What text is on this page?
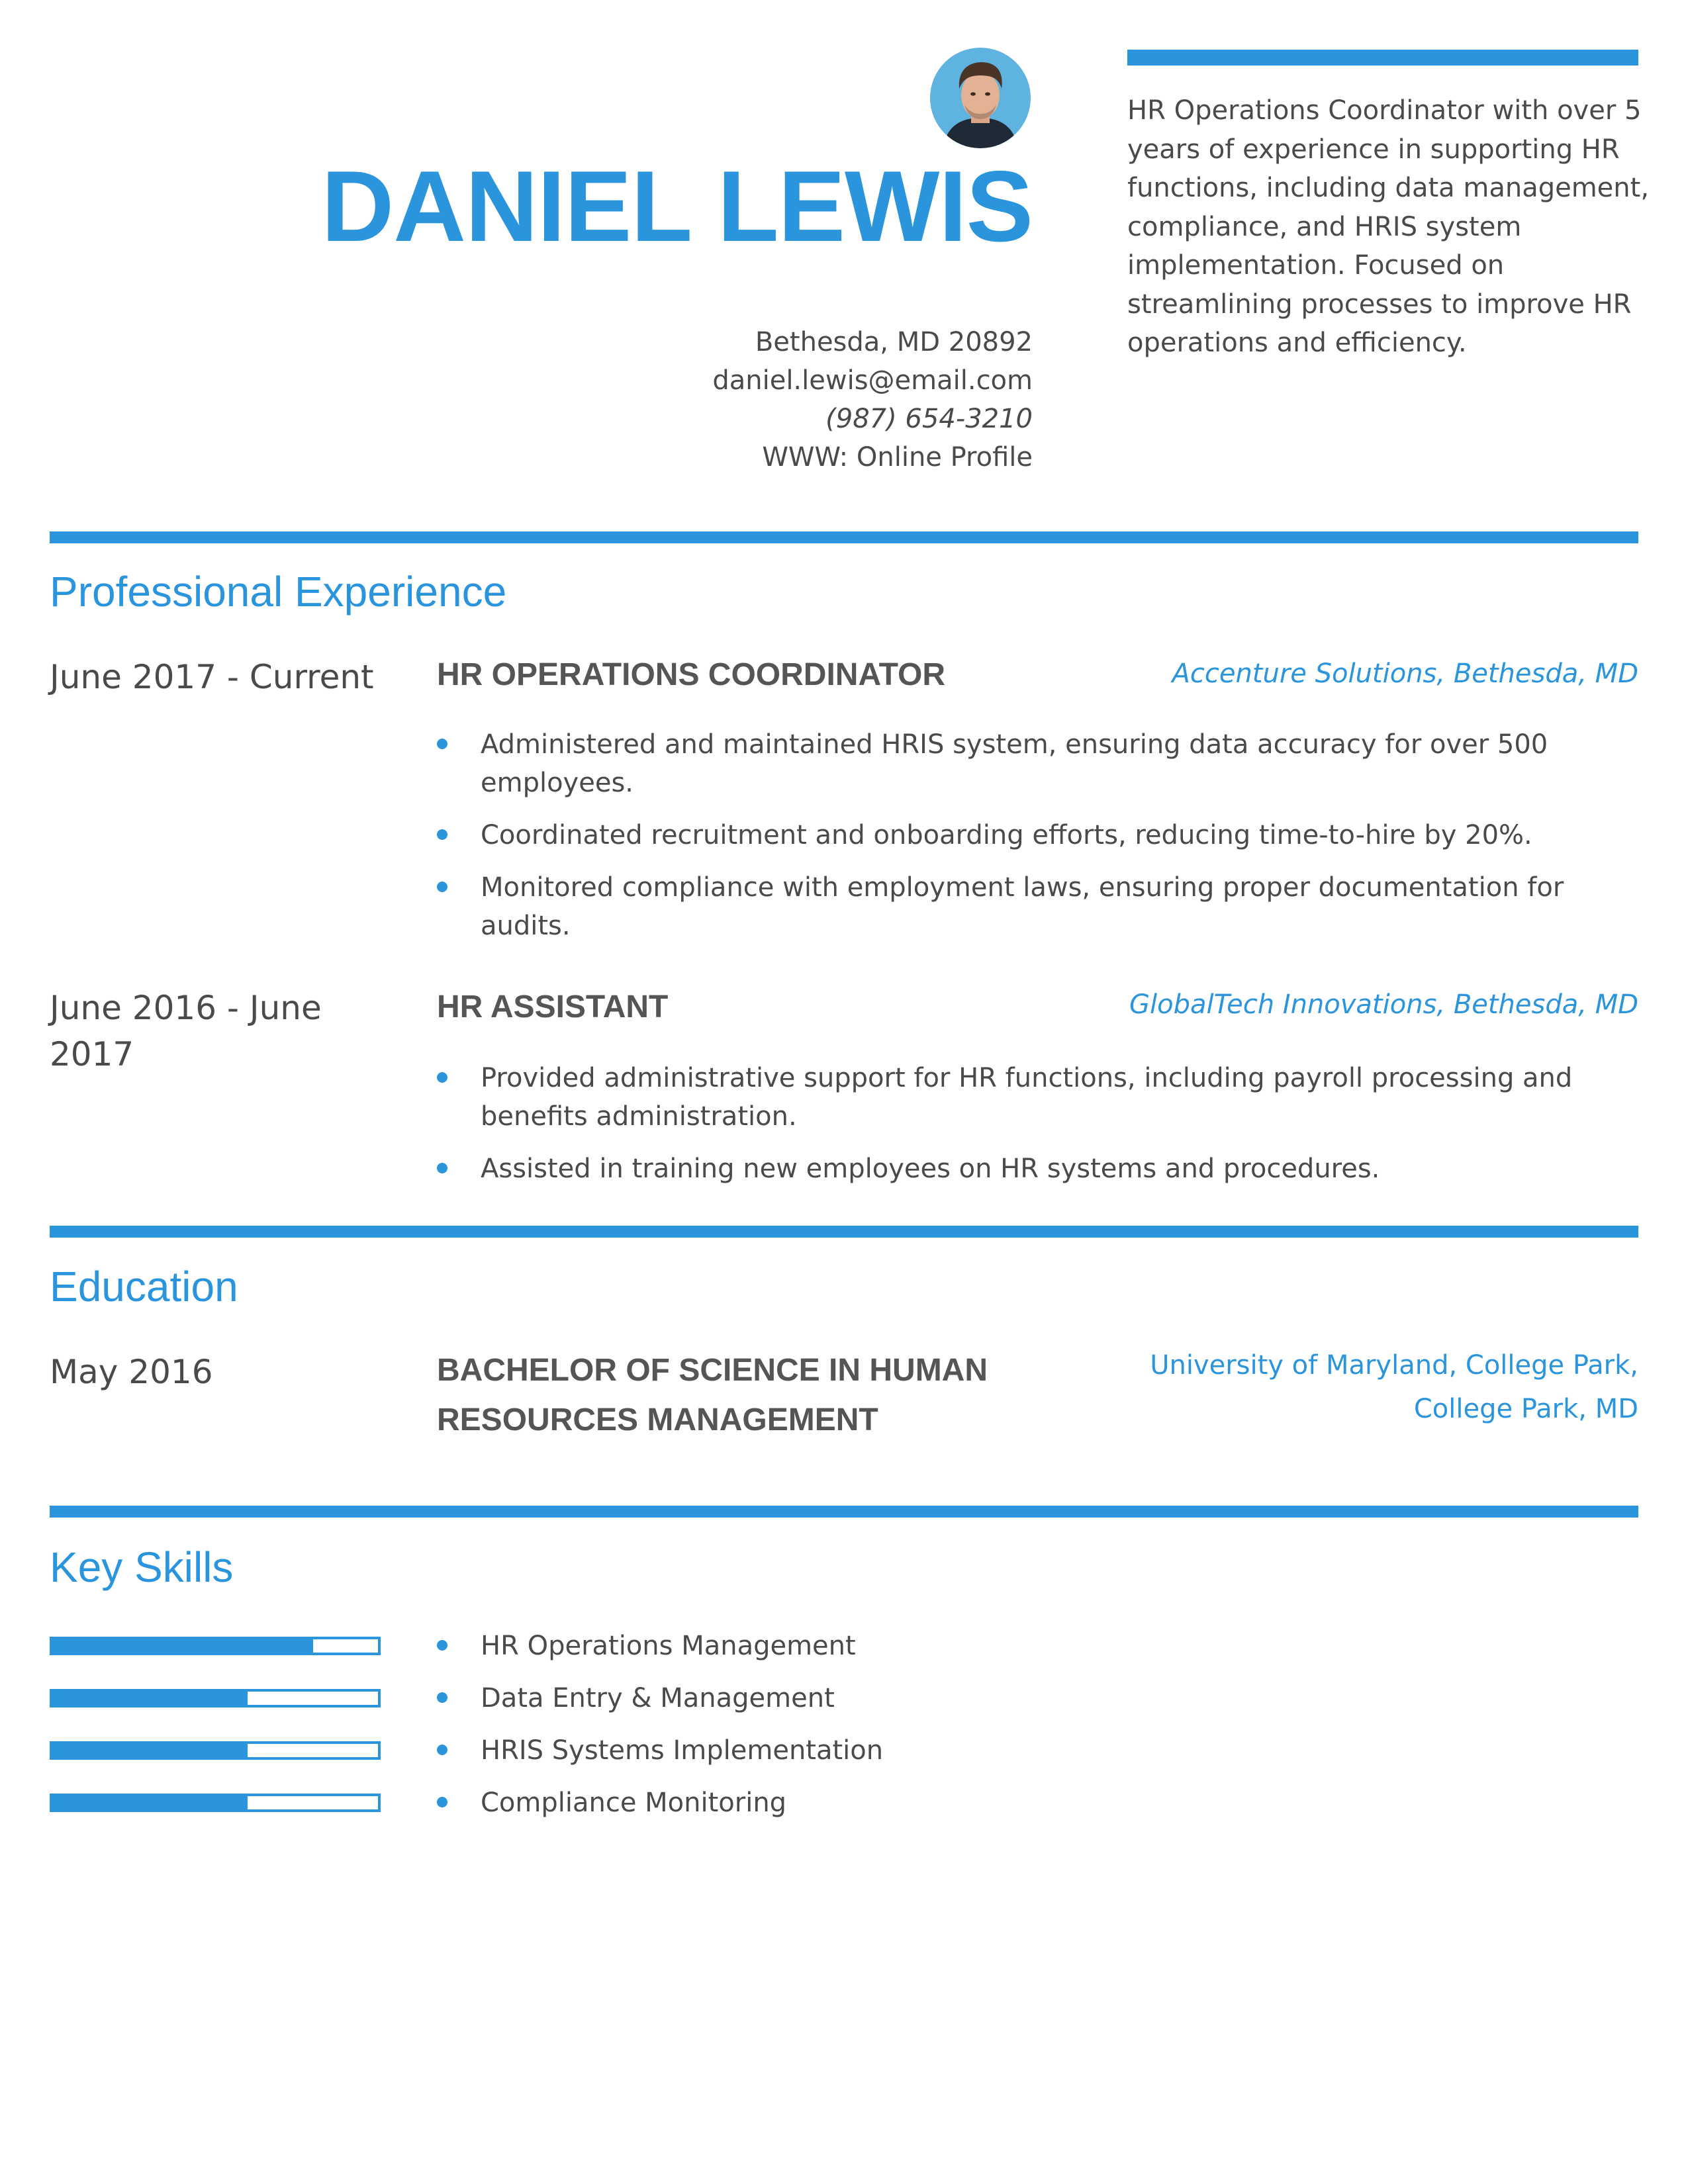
DANIEL LEWIS
Bethesda, MD 20892
daniel.lewis@email.com
(987) 654-3210
WWW: Online Profile
HR Operations Coordinator with over 5 years of experience in supporting HR functions, including data management, compliance, and HRIS system implementation. Focused on streamlining processes to improve HR operations and efficiency.
Professional Experience
June 2017 - Current	HR OPERATIONS COORDINATOR	Accenture Solutions, Bethesda, MD
Administered and maintained HRIS system, ensuring data accuracy for over 500 employees.
Coordinated recruitment and onboarding efforts, reducing time-to-hire by 20%.
Monitored compliance with employment laws, ensuring proper documentation for audits.
June 2016 - June 2017
HR ASSISTANT	GlobalTech Innovations, Bethesda, MD
Provided administrative support for HR functions, including payroll processing and benefits administration.
Assisted in training new employees on HR systems and procedures.
Education
May 2016	BACHELOR OF SCIENCE IN HUMAN RESOURCES MANAGEMENT
University of Maryland, College Park, College Park, MD
Key Skills
HR Operations Management
Data Entry & Management
HRIS Systems Implementation
Compliance Monitoring
